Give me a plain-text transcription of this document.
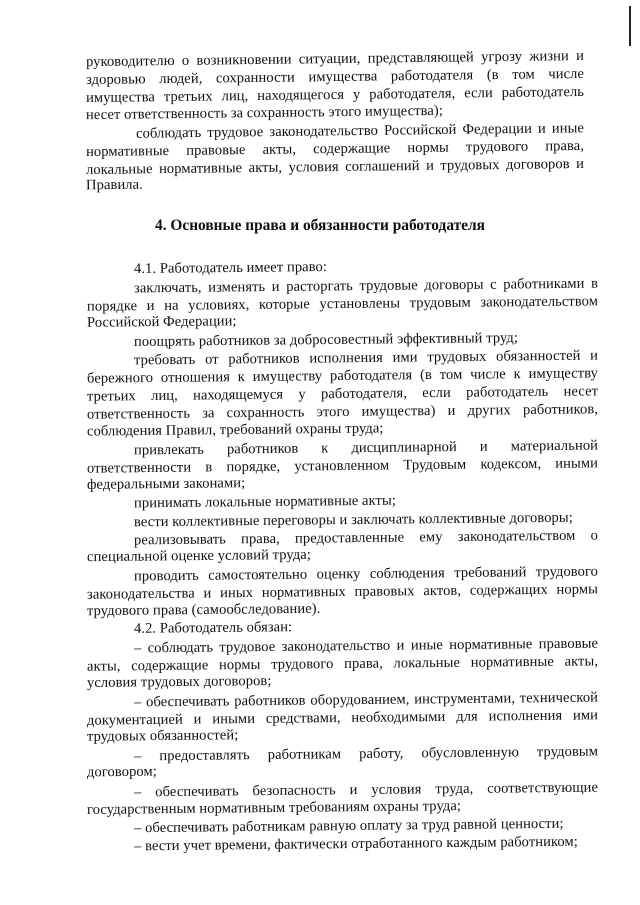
руководителю о возникновении ситуации, представляющей угрозу жизни и

здоровью людей, сохранности имущества работодателя (в том числе

имущества третьих лиц, находящегося у работодателя, если работодатель

несет ответственность за сохранность этого имущества);

соблюдать трудовое законодательство Российской Федерации и иные

нормативные правовые акты, содержащие нормы трудового права,

локальные нормативные акты, условия соглашений и трудовых договоров и

Правила.

4. Основные права и обязанности работодателя

4.1. Работодатель имеет право:

заключать, изменять и расторгать трудовые договоры с работниками в

порядке и на условиях, которые установлены трудовым законодательством

Российской Федерации;

поощрять работников за добросовестный эффективный труд;

требовать от работников исполнения ими трудовых обязанностей и

бережного отношения к имуществу работодателя (в том числе к имуществу

третьих лиц, находящемуся у работодателя, если работодатель несет

ответственность за сохранность этого имущества) и других работников,

соблюдения Правил, требований охраны труда;

привлекать работников к дисциплинарной и материальной

ответственности в порядке, установленном Трудовым кодексом, иными

федеральными законами;

принимать локальные нормативные акты;

вести коллективные переговоры и заключать коллективные договоры;

реализовывать права, предоставленные ему законодательством о

специальной оценке условий труда;

проводить самостоятельно оценку соблюдения требований трудового

законодательства и иных нормативных правовых актов, содержащих нормы

трудового права (самообследование).

4.2. Работодатель обязан:

– соблюдать трудовое законодательство и иные нормативные правовые

акты, содержащие нормы трудового права, локальные нормативные акты,

условия трудовых договоров;

– обеспечивать работников оборудованием, инструментами, технической

документацией и иными средствами, необходимыми для исполнения ими

трудовых обязанностей;

– предоставлять работникам работу, обусловленную трудовым

договором;

– обеспечивать безопасность и условия труда, соответствующие

государственным нормативным требованиям охраны труда;

– обеспечивать работникам равную оплату за труд равной ценности;

– вести учет времени, фактически отработанного каждым работником;
